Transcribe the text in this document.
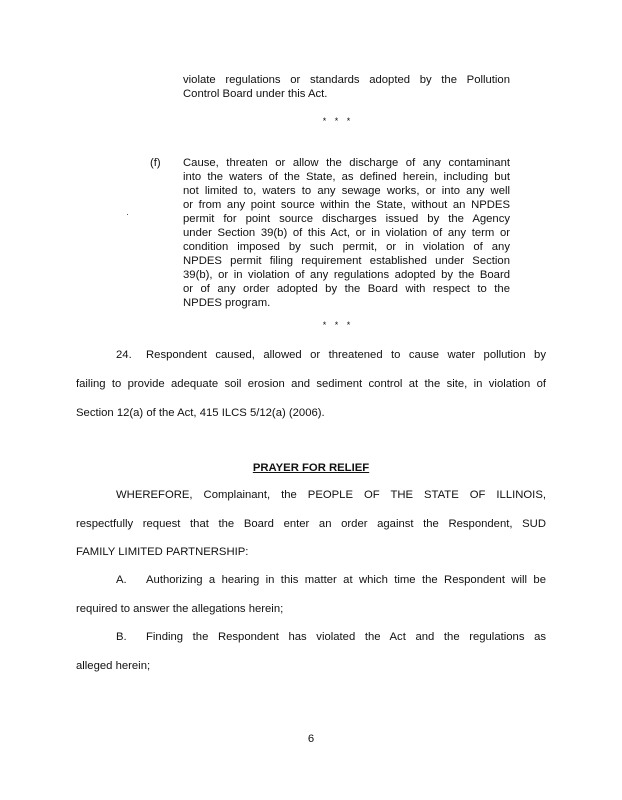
violate regulations or standards adopted by the Pollution
Control Board under this Act.
* * *
(f) Cause, threaten or allow the discharge of any contaminant
into the waters of the State, as defined herein, including but
not limited to, waters to any sewage works, or into any well
or from any point source within the State, without an NPDES
permit for point source discharges issued by the Agency
under Section 39(b) of this Act, or in violation of any term or
condition imposed by such permit, or in violation of any
NPDES permit filing requirement established under Section
39(b), or in violation of any regulations adopted by the Board
or of any order adopted by the Board with respect to the
NPDES program.
* * *
24. Respondent caused, allowed or threatened to cause water pollution by
failing to provide adequate soil erosion and sediment control at the site, in violation of
Section 12(a) of the Act, 415 ILCS 5/12(a) (2006).
PRAYER FOR RELIEF
WHEREFORE, Complainant, the PEOPLE OF THE STATE OF ILLINOIS,
respectfully request that the Board enter an order against the Respondent, SUD
FAMILY LIMITED PARTNERSHIP:
A. Authorizing a hearing in this matter at which time the Respondent will be
required to answer the allegations herein;
B. Finding the Respondent has violated the Act and the regulations as
alleged herein;
6
